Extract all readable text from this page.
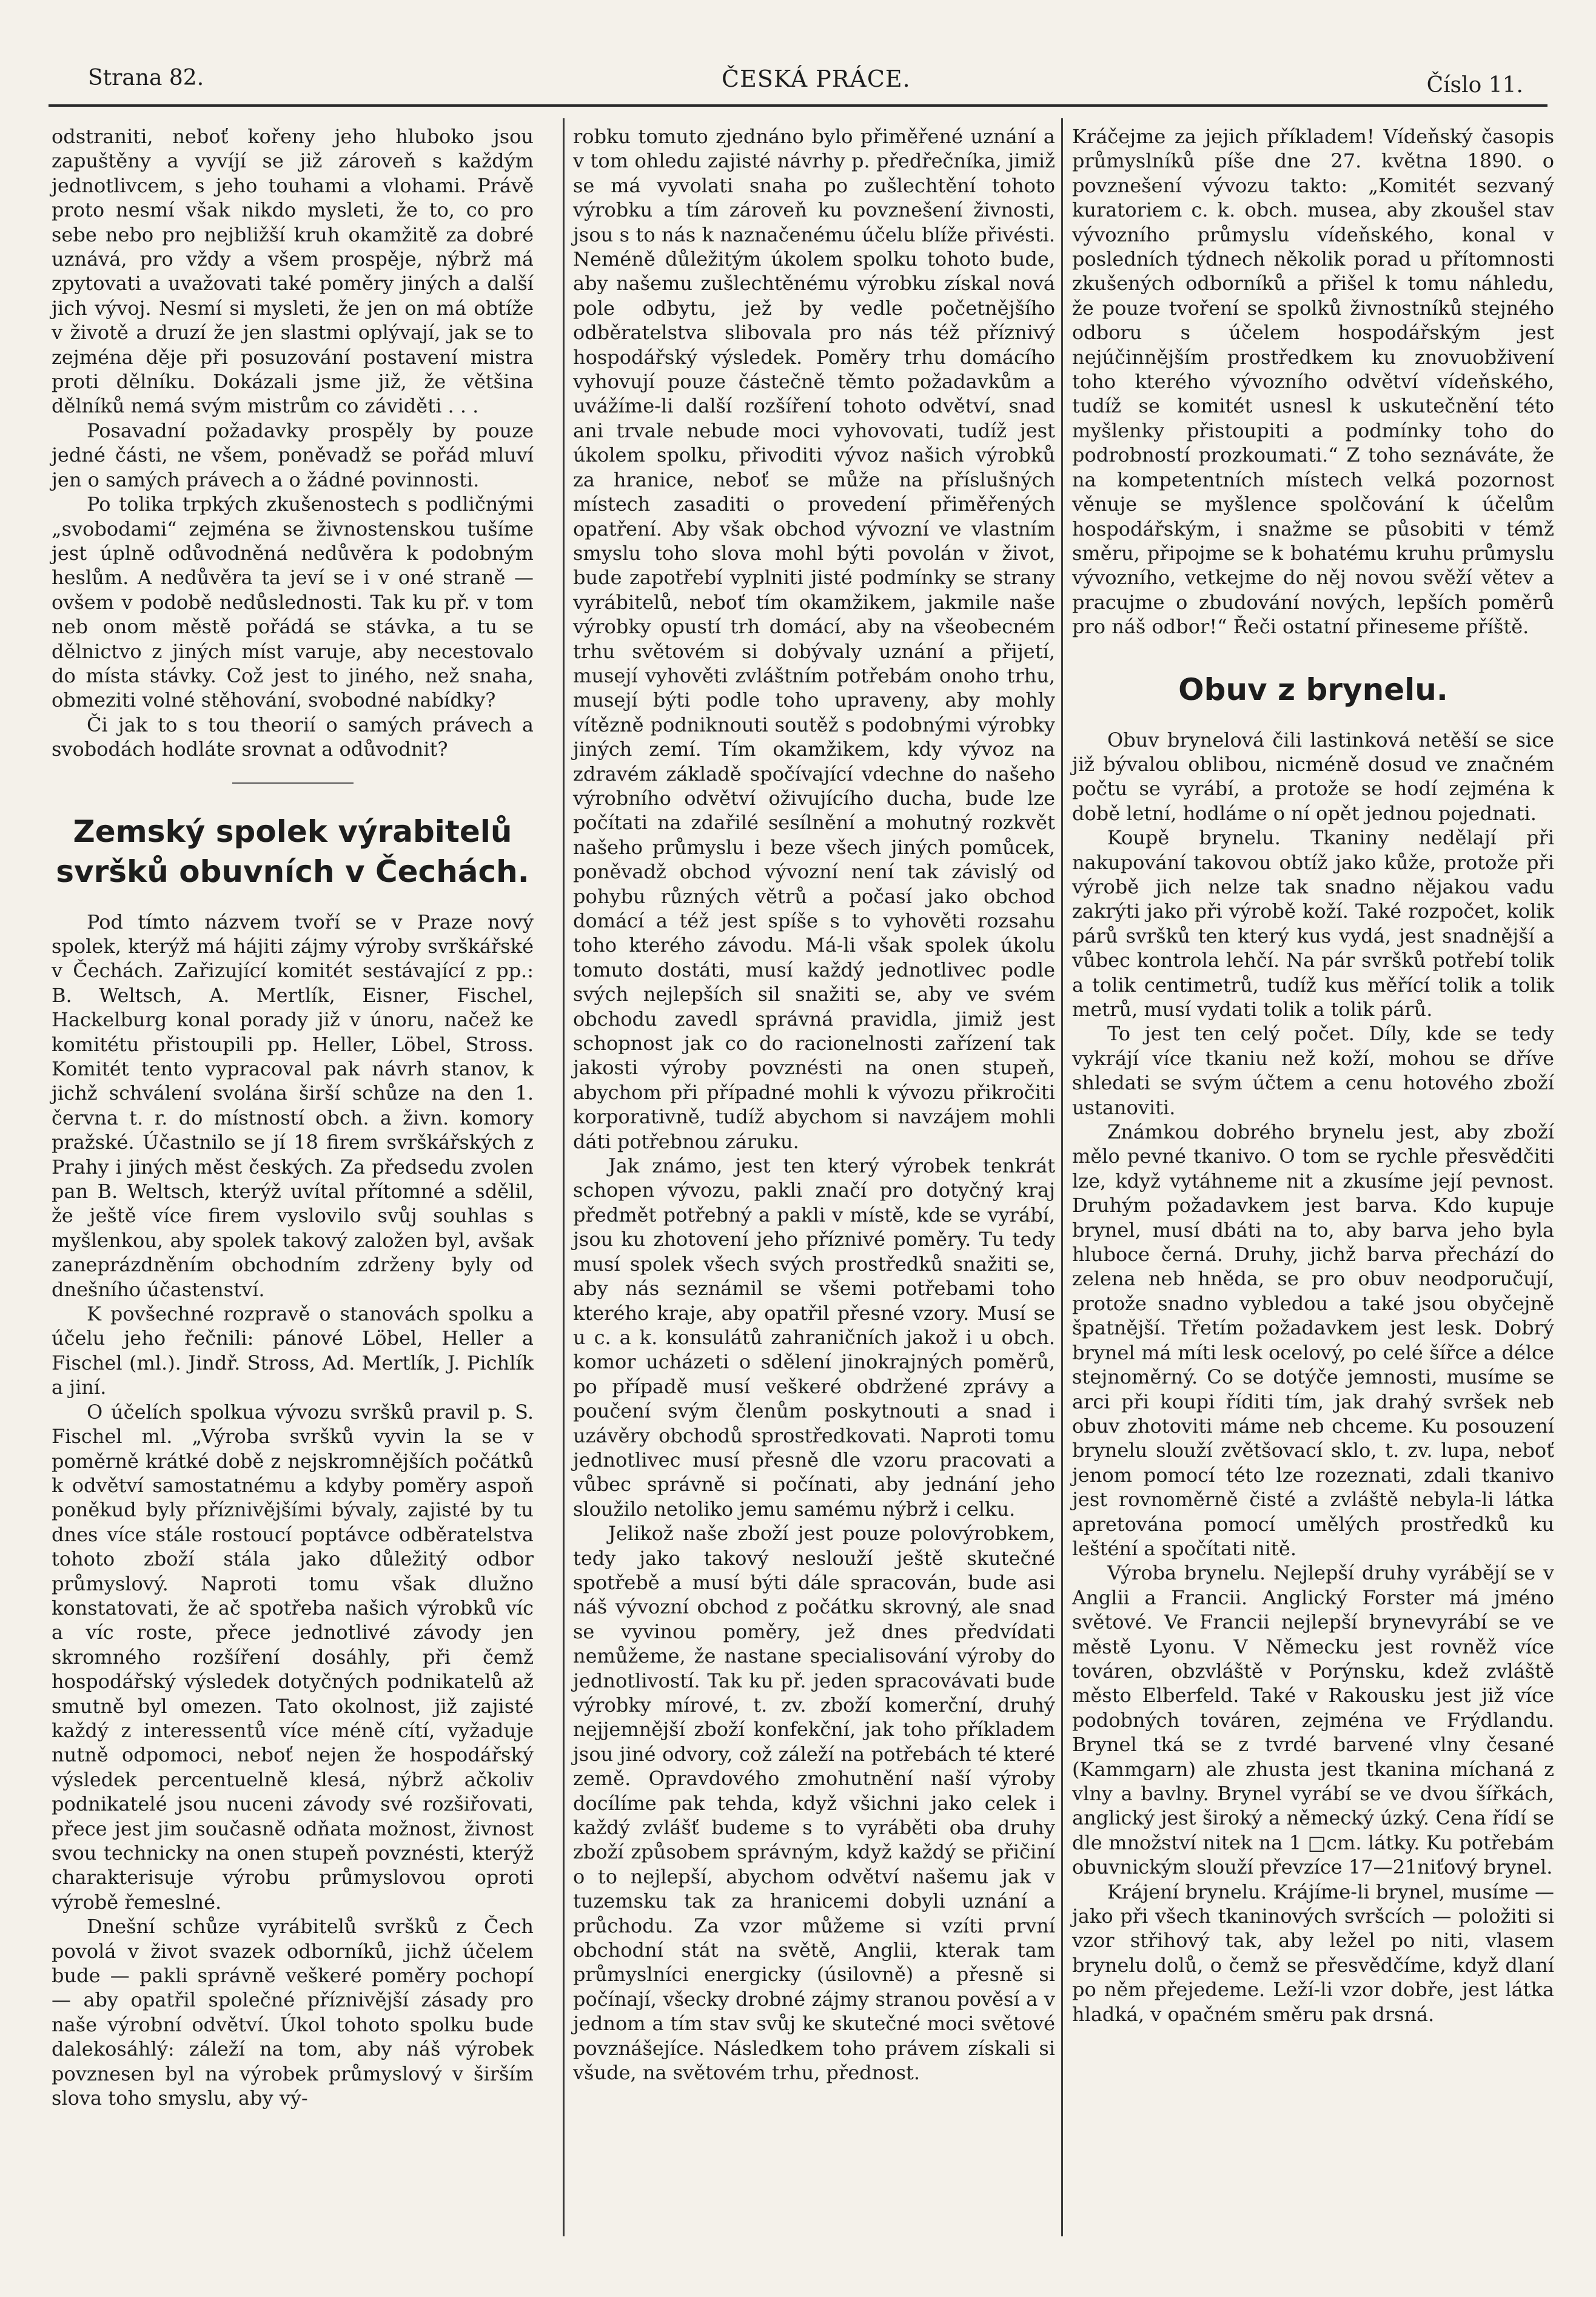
Strana 82.	ČESKÁ PRÁCE.	Číslo 11.

odstraniti, neboť kořeny jeho hluboko jsou zapuštěny a vyvíjí se již zároveň s každým jednotlivcem, s jeho touhami a vlohami. Právě proto nesmí však nikdo mysleti, že to, co pro sebe nebo pro nejbližší kruh okamžitě za dobré uznává, pro vždy a všem prospěje, nýbrž má zpytovati a uvažovati také poměry jiných a další jich vývoj. Nesmí si mysleti, že jen on má obtíže v životě a druzí že jen slastmi oplývají, jak se to zejména děje při posuzování postavení mistra proti dělníku. Dokázali jsme již, že většina dělníků nemá svým mistrům co záviděti . . .

Posavadní požadavky prospěly by pouze jedné části, ne všem, poněvadž se pořád mluví jen o samých právech a o žádné povinnosti.

Po tolika trpkých zkušenostech s podličnými „svobodami“ zejména se živnostenskou tušíme jest úplně odůvodněná nedůvěra k podobným heslům. A nedůvěra ta jeví se i v oné straně — ovšem v podobě nedůslednosti. Tak ku př. v tom neb onom městě pořádá se stávka, a tu se dělnictvo z jiných míst varuje, aby necestovalo do místa stávky. Což jest to jiného, než snaha, obmeziti volné stěhování, svobodné nabídky?

Či jak to s tou theorií o samých právech a svobodách hodláte srovnat a odůvodnit?

Zemský spolek výrabitelů svršků obuvních v Čechách.

Pod tímto názvem tvoří se v Praze nový spolek, kterýž má hájiti zájmy výroby svrškářské v Čechách. Zařizující komitét sestávající z pp.: B. Weltsch, A. Mertlík, Eisner, Fischel, Hackelburg konal porady již v únoru, načež ke komitétu přistoupili pp. Heller, Löbel, Stross. Komitét tento vypracoval pak návrh stanov, k jichž schválení svolána širší schůze na den 1. června t. r. do místností obch. a živn. komory pražské. Účastnilo se jí 18 firem svrškářských z Prahy i jiných měst českých. Za předsedu zvolen pan B. Weltsch, kterýž uvítal přítomné a sdělil, že ještě více firem vyslovilo svůj souhlas s myšlenkou, aby spolek takový založen byl, avšak zaneprázdněním obchodním zdrženy byly od dnešního účastenství.

K povšechné rozpravě o stanovách spolku a účelu jeho řečnili: pánové Löbel, Heller a Fischel (ml.). Jindř. Stross, Ad. Mertlík, J. Pichlík a jiní.

O účelích spolkua vývozu svršků pravil p. S. Fischel ml. „Výroba svršků vyvin la se v poměrně krátké době z nejskromnějších počátků k odvětví samostatnému a kdyby poměry aspoň poněkud byly příznivějšími bývaly, zajisté by tu dnes více stále rostoucí poptávce odběratelstva tohoto zboží stála jako důležitý odbor průmyslový. Naproti tomu však dlužno konstatovati, že ač spotřeba našich výrobků víc a víc roste, přece jednotlivé závody jen skromného rozšíření dosáhly, při čemž hospodářský výsledek dotyčných podnikatelů až smutně byl omezen. Tato okolnost, již zajisté každý z interessentů více méně cítí, vyžaduje nutně odpomoci, neboť nejen že hospodářský výsledek percentuelně klesá, nýbrž ačkoliv podnikatelé jsou nuceni závody své rozšiřovati, přece jest jim současně odňata možnost, živnost svou technicky na onen stupeň povznésti, kterýž charakterisuje výrobu průmyslovou oproti výrobě řemeslné.

Dnešní schůze vyrábitelů svršků z Čech povolá v život svazek odborníků, jichž účelem bude — pakli správně veškeré poměry pochopí — aby opatřil společné příznivější zásady pro naše výrobní odvětví. Úkol tohoto spolku bude dalekosáhlý: záleží na tom, aby náš výrobek povznesen byl na výrobek průmyslový v širším slova toho smyslu, aby vý-

robku tomuto zjednáno bylo přiměřené uznání a v tom ohledu zajisté návrhy p. předřečníka, jimiž se má vyvolati snaha po zušlechtění tohoto výrobku a tím zároveň ku povznešení živnosti, jsou s to nás k naznačenému účelu blíže přivésti. Neméně důležitým úkolem spolku tohoto bude, aby našemu zušlechtěnému výrobku získal nová pole odbytu, jež by vedle početnějšího odběratelstva slibovala pro nás též příznivý hospodářský výsledek. Poměry trhu domácího vyhovují pouze částečně těmto požadavkům a uvážíme-li další rozšíření tohoto odvětví, snad ani trvale nebude moci vyhovovati, tudíž jest úkolem spolku, přivoditi vývoz našich výrobků za hranice, neboť se může na příslušných místech zasaditi o provedení přiměřených opatření. Aby však obchod vývozní ve vlastním smyslu toho slova mohl býti povolán v život, bude zapotřebí vyplniti jisté podmínky se strany vyrábitelů, neboť tím okamžikem, jakmile naše výrobky opustí trh domácí, aby na všeobecném trhu světovém si dobývaly uznání a přijetí, musejí vyhověti zvláštním potřebám onoho trhu, musejí býti podle toho upraveny, aby mohly vítězně podniknouti soutěž s podobnými výrobky jiných zemí. Tím okamžikem, kdy vývoz na zdravém základě spočívající vdechne do našeho výrobního odvětví oživujícího ducha, bude lze počítati na zdařilé sesílnění a mohutný rozkvět našeho průmyslu i beze všech jiných pomůcek, poněvadž obchod vývozní není tak závislý od pohybu různých větrů a počasí jako obchod domácí a též jest spíše s to vyhověti rozsahu toho kterého závodu. Má-li však spolek úkolu tomuto dostáti, musí každý jednotlivec podle svých nejlepších sil snažiti se, aby ve svém obchodu zavedl správná pravidla, jimiž jest schopnost jak co do racionelnosti zařízení tak jakosti výroby povznésti na onen stupeň, abychom při případné mohli k vývozu přikročiti korporativně, tudíž abychom si navzájem mohli dáti potřebnou záruku.

Jak známo, jest ten který výrobek tenkrát schopen vývozu, pakli značí pro dotyčný kraj předmět potřebný a pakli v místě, kde se vyrábí, jsou ku zhotovení jeho příznivé poměry. Tu tedy musí spolek všech svých prostředků snažiti se, aby nás seznámil se všemi potřebami toho kterého kraje, aby opatřil přesné vzory. Musí se u c. a k. konsulátů zahraničních jakož i u obch. komor ucházeti o sdělení jinokrajných poměrů, po případě musí veškeré obdržené zprávy a poučení svým členům poskytnouti a snad i uzávěry obchodů sprostředkovati. Naproti tomu jednotlivec musí přesně dle vzoru pracovati a vůbec správně si počínati, aby jednání jeho sloužilo netoliko jemu samému nýbrž i celku.

Jelikož naše zboží jest pouze polovýrobkem, tedy jako takový neslouží ještě skutečné spotřebě a musí býti dále spracován, bude asi náš vývozní obchod z počátku skrovný, ale snad se vyvinou poměry, jež dnes předvídati nemůžeme, že nastane specialisování výroby do jednotlivostí. Tak ku př. jeden spracovávati bude výrobky mírové, t. zv. zboží komerční, druhý nejjemnější zboží konfekční, jak toho příkladem jsou jiné odvory, což záleží na potřebách té které země. Opravdového zmohutnění naší výroby docílíme pak tehda, když všichni jako celek i každý zvlášť budeme s to vyráběti oba druhy zboží způsobem správným, když každý se přičiní o to nejlepší, abychom odvětví našemu jak v tuzemsku tak za hranicemi dobyli uznání a průchodu. Za vzor můžeme si vzíti první obchodní stát na světě, Anglii, kterak tam průmyslníci energicky (úsilovně) a přesně si počínají, všecky drobné zájmy stranou pověsí a v jednom a tím stav svůj ke skutečné moci světové povznášejíce. Následkem toho právem získali si všude, na světovém trhu, přednost.

Kráčejme za jejich příkladem! Vídeňský časopis průmyslníků píše dne 27. května 1890. o povznešení vývozu takto: „Komitét sezvaný kuratoriem c. k. obch. musea, aby zkoušel stav vývozního průmyslu vídeňského, konal v posledních týdnech několik porad u přítomnosti zkušených odborníků a přišel k tomu náhledu, že pouze tvoření se spolků živnostníků stejného odboru s účelem hospodářským jest nejúčinnějším prostředkem ku znovuobživení toho kterého vývozního odvětví vídeňského, tudíž se komitét usnesl k uskutečnění této myšlenky přistoupiti a podmínky toho do podrobností prozkoumati.“ Z toho seznáváte, že na kompetentních místech velká pozornost věnuje se myšlence spolčování k účelům hospodářským, i snažme se působiti v témž směru, připojme se k bohatému kruhu průmyslu vývozního, vetkejme do něj novou svěží větev a pracujme o zbudování nových, lepších poměrů pro náš odbor!“ Řeči ostatní přineseme příště.

Obuv z brynelu.

Obuv brynelová čili lastinková netěší se sice již bývalou oblibou, nicméně dosud ve značném počtu se vyrábí, a protože se hodí zejména k době letní, hodláme o ní opět jednou pojednati.

Koupě brynelu. Tkaniny nedělají při nakupování takovou obtíž jako kůže, protože při výrobě jich nelze tak snadno nějakou vadu zakrýti jako při výrobě koží. Také rozpočet, kolik párů svršků ten který kus vydá, jest snadnější a vůbec kontrola lehčí. Na pár svršků potřebí tolik a tolik centimetrů, tudíž kus měřící tolik a tolik metrů, musí vydati tolik a tolik párů.

To jest ten celý počet. Díly, kde se tedy vykrájí více tkaniu než koží, mohou se dříve shledati se svým účtem a cenu hotového zboží ustanoviti.

Známkou dobrého brynelu jest, aby zboží mělo pevné tkanivo. O tom se rychle přesvědčiti lze, když vytáhneme nit a zkusíme její pevnost. Druhým požadavkem jest barva. Kdo kupuje brynel, musí dbáti na to, aby barva jeho byla hluboce černá. Druhy, jichž barva přechází do zelena neb hněda, se pro obuv neodporučují, protože snadno vybledou a také jsou obyčejně špatnější. Třetím požadavkem jest lesk. Dobrý brynel má míti lesk ocelový, po celé šířce a délce stejnoměrný. Co se dotýče jemnosti, musíme se arci při koupi říditi tím, jak drahý svršek neb obuv zhotoviti máme neb chceme. Ku posouzení brynelu slouží zvětšovací sklo, t. zv. lupa, neboť jenom pomocí této lze rozeznati, zdali tkanivo jest rovnoměrně čisté a zvláště nebyla-li látka apretována pomocí umělých prostředků ku lešténí a spočítati nitě.

Výroba brynelu. Nejlepší druhy vyrábějí se v Anglii a Francii. Anglický Forster má jméno světové. Ve Francii nejlepší brynevyrábí se ve městě Lyonu. V Německu jest rovněž více továren, obzvláště v Porýnsku, kdež zvláště město Elberfeld. Také v Rakousku jest již více podobných továren, zejména ve Frýdlandu. Brynel tká se z tvrdé barvené vlny česané (Kammgarn) ale zhusta jest tkanina míchaná z vlny a bavlny. Brynel vyrábí se ve dvou šířkách, anglický jest široký a německý úzký. Cena řídí se dle množství nitek na 1 □cm. látky. Ku potřebám obuvnickým slouží převzíce 17—21niťový brynel.

Krájení brynelu. Krájíme-li brynel, musíme — jako při všech tkaninových svršcích — položiti si vzor střihový tak, aby ležel po niti, vlasem brynelu dolů, o čemž se přesvědčíme, když dlaní po něm přejedeme. Leží-li vzor dobře, jest látka hladká, v opačném směru pak drsná.
